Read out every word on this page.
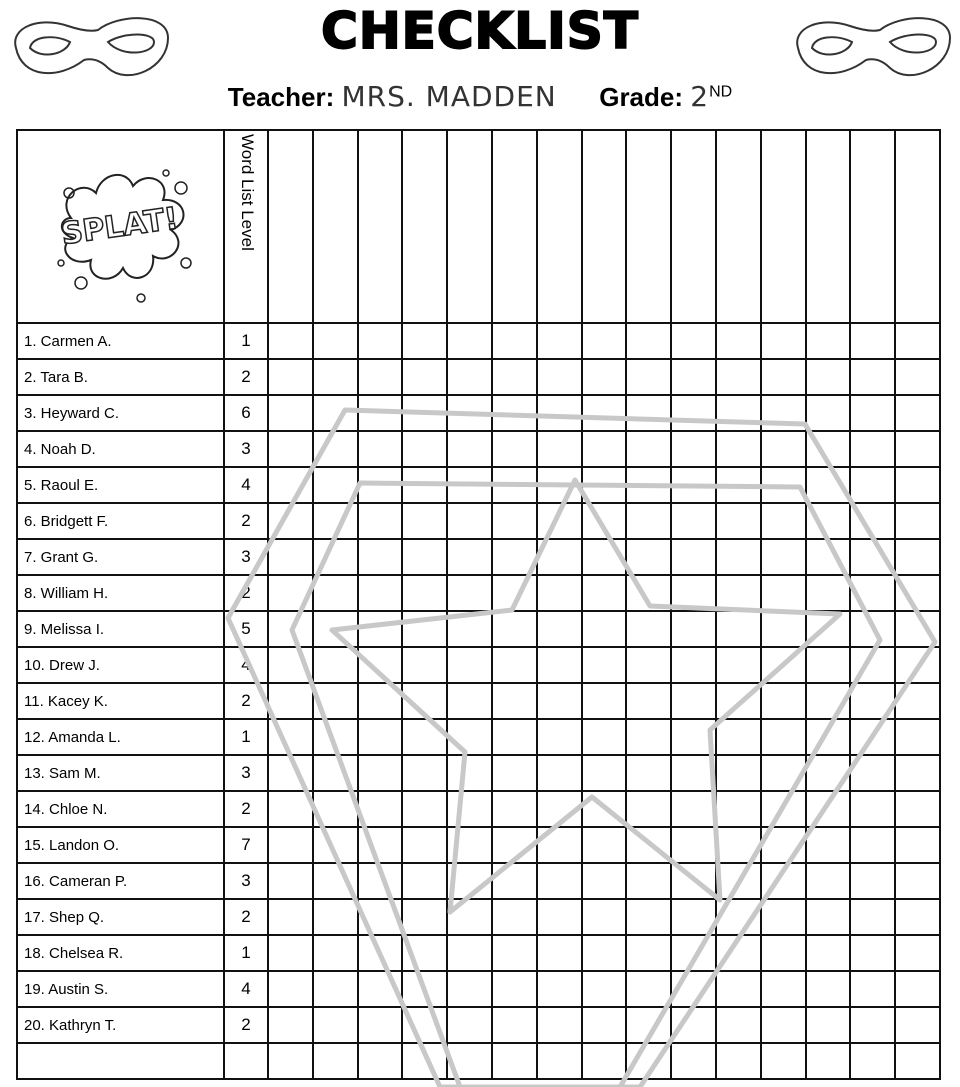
CHECKLIST
Teacher: MRS. MADDEN Grade: 2ND
SPLAT!	Word List Level															

1. Carmen A.	1															
2. Tara B.	2															
3. Heyward C.	6															
4. Noah D.	3															
5. Raoul E.	4															
6. Bridgett F.	2															
7. Grant G.	3															
8. William H.	2															
9. Melissa I.	5															
10. Drew J.	4															
11. Kacey K.	2															
12. Amanda L.	1															
13. Sam M.	3															
14. Chloe N.	2															
15. Landon O.	7															
16. Cameran P.	3															
17. Shep Q.	2															
18. Chelsea R.	1															
19. Austin S.	4															
20. Kathryn T.	2															
